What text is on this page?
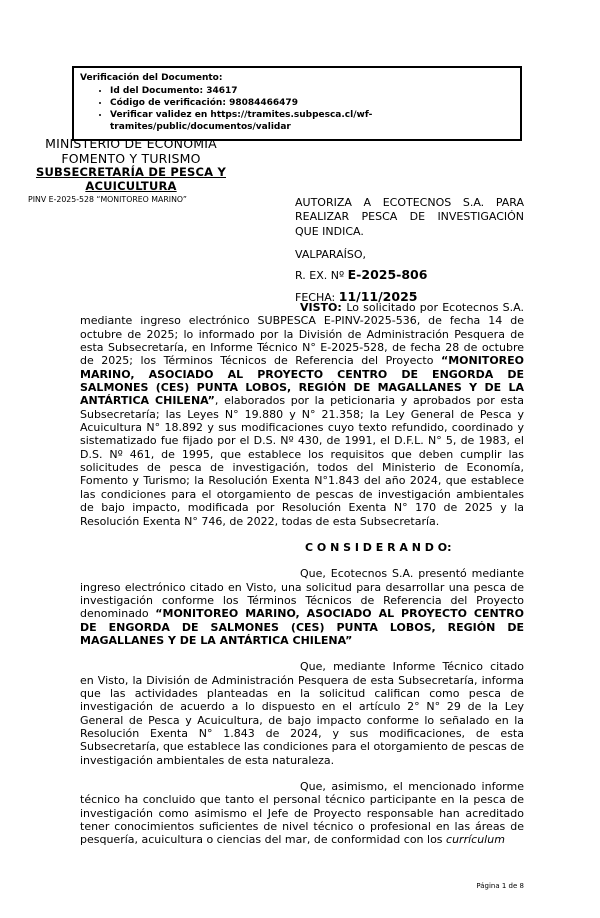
Verificación del Documento:
• Id del Documento: 34617
• Código de verificación: 98084466479
• Verificar validez en https://tramites.subpesca.cl/wf-tramites/public/documentos/validar
MINISTERIO DE ECONOMIA
FOMENTO Y TURISMO
SUBSECRETARÍA DE PESCA Y
ACUICULTURA
PINV E-2025-528 “MONITOREO MARINO”	AUTORIZA A ECOTECNOS S.A. PARA REALIZAR PESCA DE INVESTIGACIÓN QUE INDICA.
VALPARAÍSO,
R. EX. Nº E-2025-806
FECHA: 11/11/2025

VISTO: Lo solicitado por Ecotecnos S.A. mediante ingreso electrónico SUBPESCA E-PINV-2025-536, de fecha 14 de octubre de 2025; lo informado por la División de Administración Pesquera de esta Subsecretaría, en Informe Técnico N° E-2025-528, de fecha 28 de octubre de 2025; los Términos Técnicos de Referencia del Proyecto “MONITOREO MARINO, ASOCIADO AL PROYECTO CENTRO DE ENGORDA DE SALMONES (CES) PUNTA LOBOS, REGIÓN DE MAGALLANES Y DE LA ANTÁRTICA CHILENA”, elaborados por la peticionaria y aprobados por esta Subsecretaría; las Leyes N° 19.880 y N° 21.358; la Ley General de Pesca y Acuicultura N° 18.892 y sus modificaciones cuyo texto refundido, coordinado y sistematizado fue fijado por el D.S. Nº 430, de 1991, el D.F.L. N° 5, de 1983, el D.S. Nº 461, de 1995, que establece los requisitos que deben cumplir las solicitudes de pesca de investigación, todos del Ministerio de Economía, Fomento y Turismo; la Resolución Exenta N°1.843 del año 2024, que establece las condiciones para el otorgamiento de pescas de investigación ambientales de bajo impacto, modificada por Resolución Exenta N° 170 de 2025 y la Resolución Exenta N° 746, de 2022, todas de esta Subsecretaría.

C O N S I D E R A N D O:

Que, Ecotecnos S.A. presentó mediante ingreso electrónico citado en Visto, una solicitud para desarrollar una pesca de investigación conforme los Términos Técnicos de Referencia del Proyecto denominado “MONITOREO MARINO, ASOCIADO AL PROYECTO CENTRO DE ENGORDA DE SALMONES (CES) PUNTA LOBOS, REGIÓN DE MAGALLANES Y DE LA ANTÁRTICA CHILENA”

Que, mediante Informe Técnico citado en Visto, la División de Administración Pesquera de esta Subsecretaría, informa que las actividades planteadas en la solicitud califican como pesca de investigación de acuerdo a lo dispuesto en el artículo 2° N° 29 de la Ley General de Pesca y Acuicultura, de bajo impacto conforme lo señalado en la Resolución Exenta N° 1.843 de 2024, y sus modificaciones, de esta Subsecretaría, que establece las condiciones para el otorgamiento de pescas de investigación ambientales de esta naturaleza.

Que, asimismo, el mencionado informe técnico ha concluido que tanto el personal técnico participante en la pesca de investigación como asimismo el Jefe de Proyecto responsable han acreditado tener conocimientos suficientes de nivel técnico o profesional en las áreas de pesquería, acuicultura o ciencias del mar, de conformidad con los currículum

Página 1 de 8
